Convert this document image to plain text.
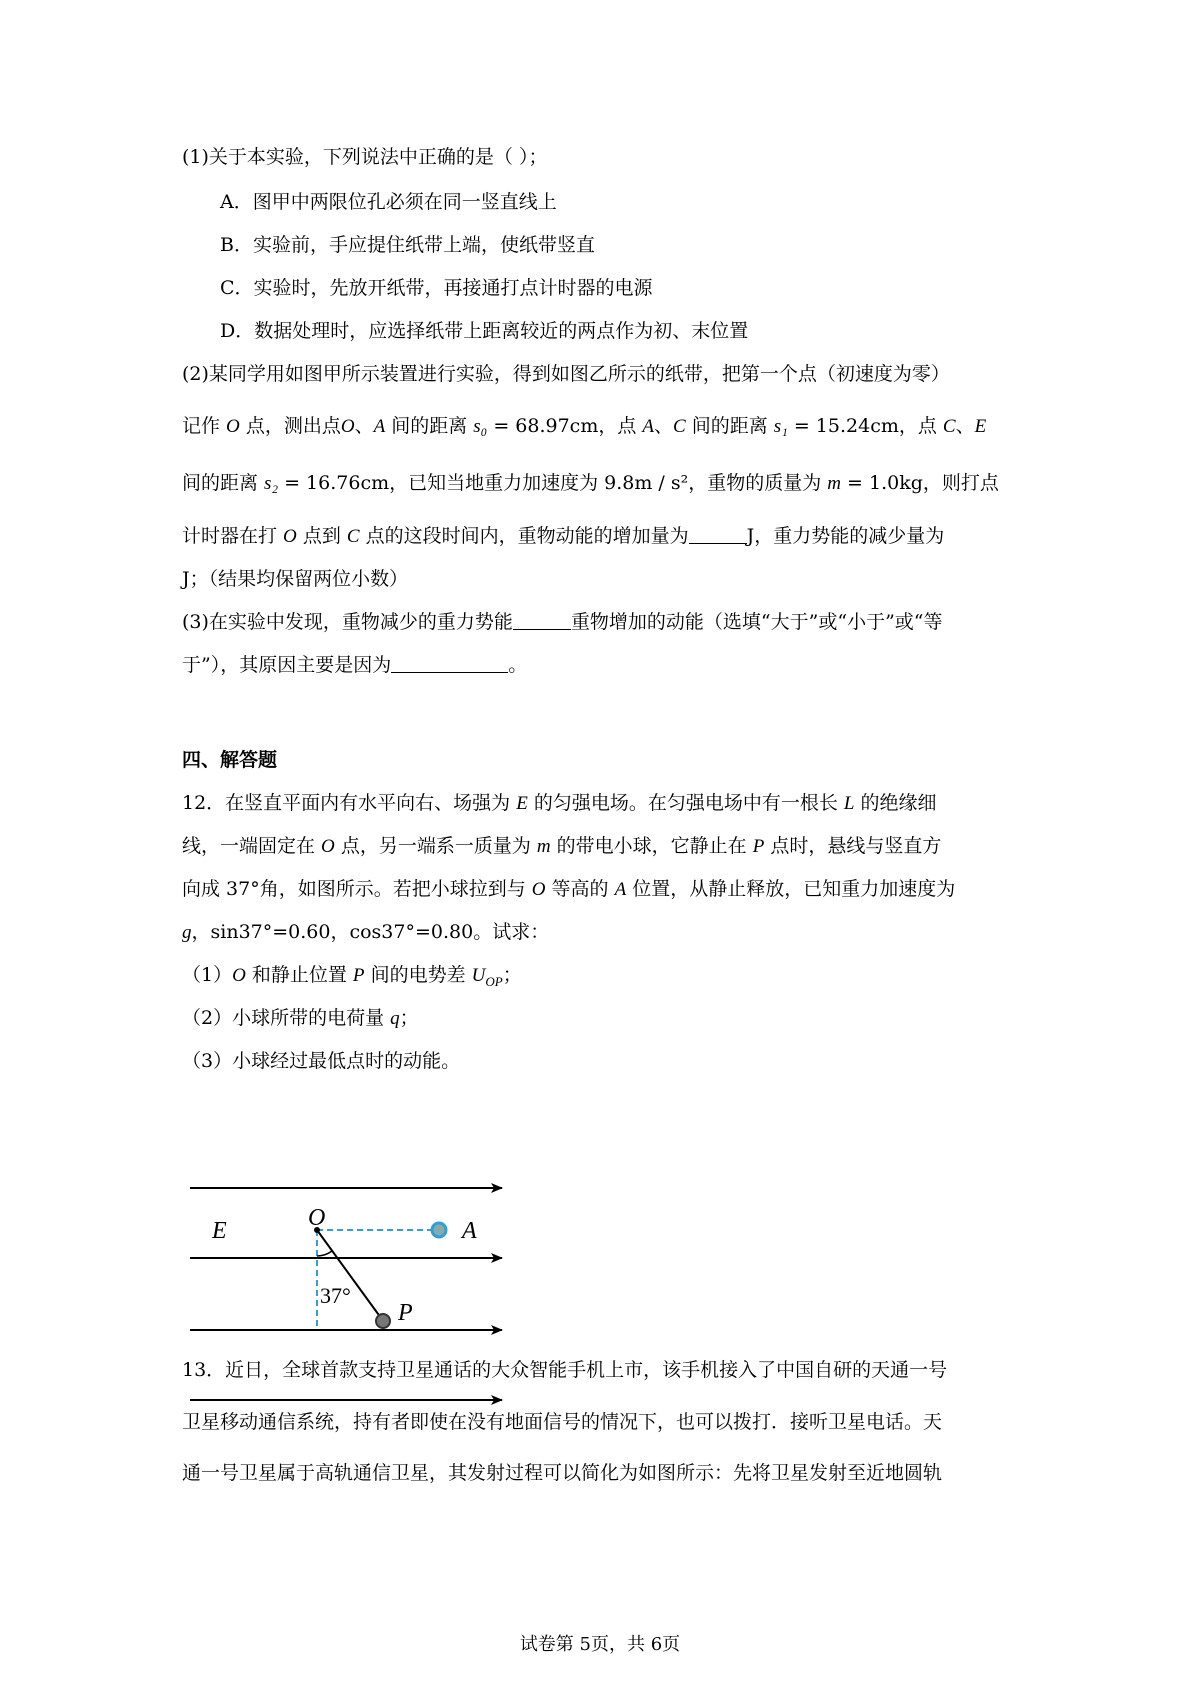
(1)关于本实验，下列说法中正确的是（ ）；
A．图甲中两限位孔必须在同一竖直线上
B．实验前，手应提住纸带上端，使纸带竖直
C．实验时，先放开纸带，再接通打点计时器的电源
D．数据处理时，应选择纸带上距离较近的两点作为初、末位置
(2)某同学用如图甲所示装置进行实验，得到如图乙所示的纸带，把第一个点（初速度为零）
记作 O 点，测出点O、A 间的距离 s₀ = 68.97cm，点 A、C 间的距离 s₁ = 15.24cm，点 C、E
间的距离 s₂ = 16.76cm，已知当地重力加速度为 9.8m / s²，重物的质量为 m = 1.0kg，则打点
计时器在打 O 点到 C 点的这段时间内，重物动能的增加量为	J，重力势能的减少量为
J；（结果均保留两位小数）
(3)在实验中发现，重物减少的重力势能	重物增加的动能（选填“大于”或“小于”或“等
于”），其原因主要是因为	。
四、解答题
12．在竖直平面内有水平向右、场强为 E 的匀强电场。在匀强电场中有一根长 L 的绝缘细
线，一端固定在 O 点，另一端系一质量为 m 的带电小球，它静止在 P 点时，悬线与竖直方
向成 37°角，如图所示。若把小球拉到与 O 等高的 A 位置，从静止释放，已知重力加速度为
g，sin37°=0.60，cos37°=0.80。试求：
（1）O 和静止位置 P 间的电势差 $U_{OP}$；
（2）小球所带的电荷量 q；
（3）小球经过最低点时的动能。
E	O	A
P
37°
13．近日，全球首款支持卫星通话的大众智能手机上市，该手机接入了中国自研的天通一号
卫星移动通信系统，持有者即使在没有地面信号的情况下，也可以拨打．接听卫星电话。天
通一号卫星属于高轨通信卫星，其发射过程可以简化为如图所示：先将卫星发射至近地圆轨
试卷第 5页，共 6页
